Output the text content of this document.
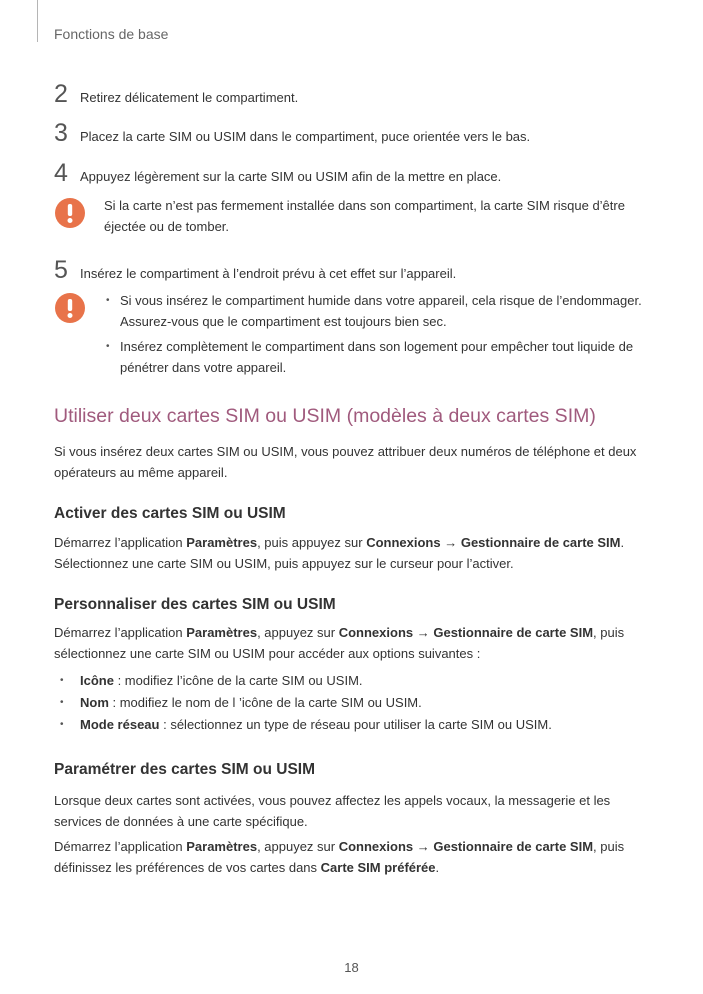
Fonctions de base
2 Retirez délicatement le compartiment.
3 Placez la carte SIM ou USIM dans le compartiment, puce orientée vers le bas.
4 Appuyez légèrement sur la carte SIM ou USIM afin de la mettre en place.
Si la carte n’est pas fermement installée dans son compartiment, la carte SIM risque d’être éjectée ou de tomber.
5 Insérez le compartiment à l’endroit prévu à cet effet sur l’appareil.
• Si vous insérez le compartiment humide dans votre appareil, cela risque de l’endommager. Assurez-vous que le compartiment est toujours bien sec.
• Insérez complètement le compartiment dans son logement pour empêcher tout liquide de pénétrer dans votre appareil.
Utiliser deux cartes SIM ou USIM (modèles à deux cartes SIM)

Si vous insérez deux cartes SIM ou USIM, vous pouvez attribuer deux numéros de téléphone et deux opérateurs au même appareil.

Activer des cartes SIM ou USIM

Démarrez l’application Paramètres, puis appuyez sur Connexions → Gestionnaire de carte SIM.
Sélectionnez une carte SIM ou USIM, puis appuyez sur le curseur pour l’activer.

Personnaliser des cartes SIM ou USIM

Démarrez l’application Paramètres, appuyez sur Connexions → Gestionnaire de carte SIM, puis sélectionnez une carte SIM ou USIM pour accéder aux options suivantes :

• Icône : modifiez l’icône de la carte SIM ou USIM.
• Nom : modifiez le nom de l ’icône de la carte SIM ou USIM.
• Mode réseau : sélectionnez un type de réseau pour utiliser la carte SIM ou USIM.
Paramétrer des cartes SIM ou USIM

Lorsque deux cartes sont activées, vous pouvez affectez les appels vocaux, la messagerie et les services de données à une carte spécifique.

Démarrez l’application Paramètres, appuyez sur Connexions → Gestionnaire de carte SIM, puis définissez les préférences de vos cartes dans Carte SIM préférée.

18
